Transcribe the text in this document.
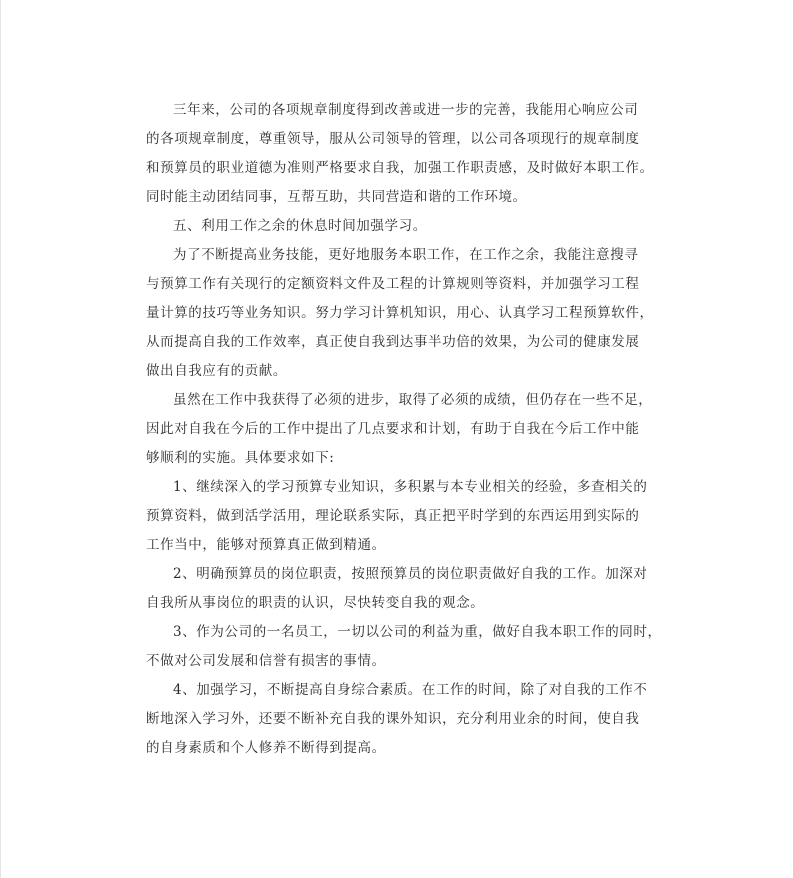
三年来，公司的各项规章制度得到改善或进一步的完善，我能用心响应公司
的各项规章制度，尊重领导，服从公司领导的管理，以公司各项现行的规章制度
和预算员的职业道德为准则严格要求自我，加强工作职责感，及时做好本职工作。
同时能主动团结同事，互帮互助，共同营造和谐的工作环境。
五、利用工作之余的休息时间加强学习。
为了不断提高业务技能，更好地服务本职工作，在工作之余，我能注意搜寻
与预算工作有关现行的定额资料文件及工程的计算规则等资料，并加强学习工程
量计算的技巧等业务知识。努力学习计算机知识，用心、认真学习工程预算软件，
从而提高自我的工作效率，真正使自我到达事半功倍的效果，为公司的健康发展
做出自我应有的贡献。
虽然在工作中我获得了必须的进步，取得了必须的成绩，但仍存在一些不足，
因此对自我在今后的工作中提出了几点要求和计划，有助于自我在今后工作中能
够顺利的实施。具体要求如下:
1、继续深入的学习预算专业知识，多积累与本专业相关的经验，多查相关的
预算资料，做到活学活用，理论联系实际，真正把平时学到的东西运用到实际的
工作当中，能够对预算真正做到精通。
2、明确预算员的岗位职责，按照预算员的岗位职责做好自我的工作。加深对
自我所从事岗位的职责的认识，尽快转变自我的观念。
3、作为公司的一名员工，一切以公司的利益为重，做好自我本职工作的同时，
不做对公司发展和信誉有损害的事情。
4、加强学习，不断提高自身综合素质。在工作的时间，除了对自我的工作不
断地深入学习外，还要不断补充自我的课外知识，充分利用业余的时间，使自我
的自身素质和个人修养不断得到提高。
